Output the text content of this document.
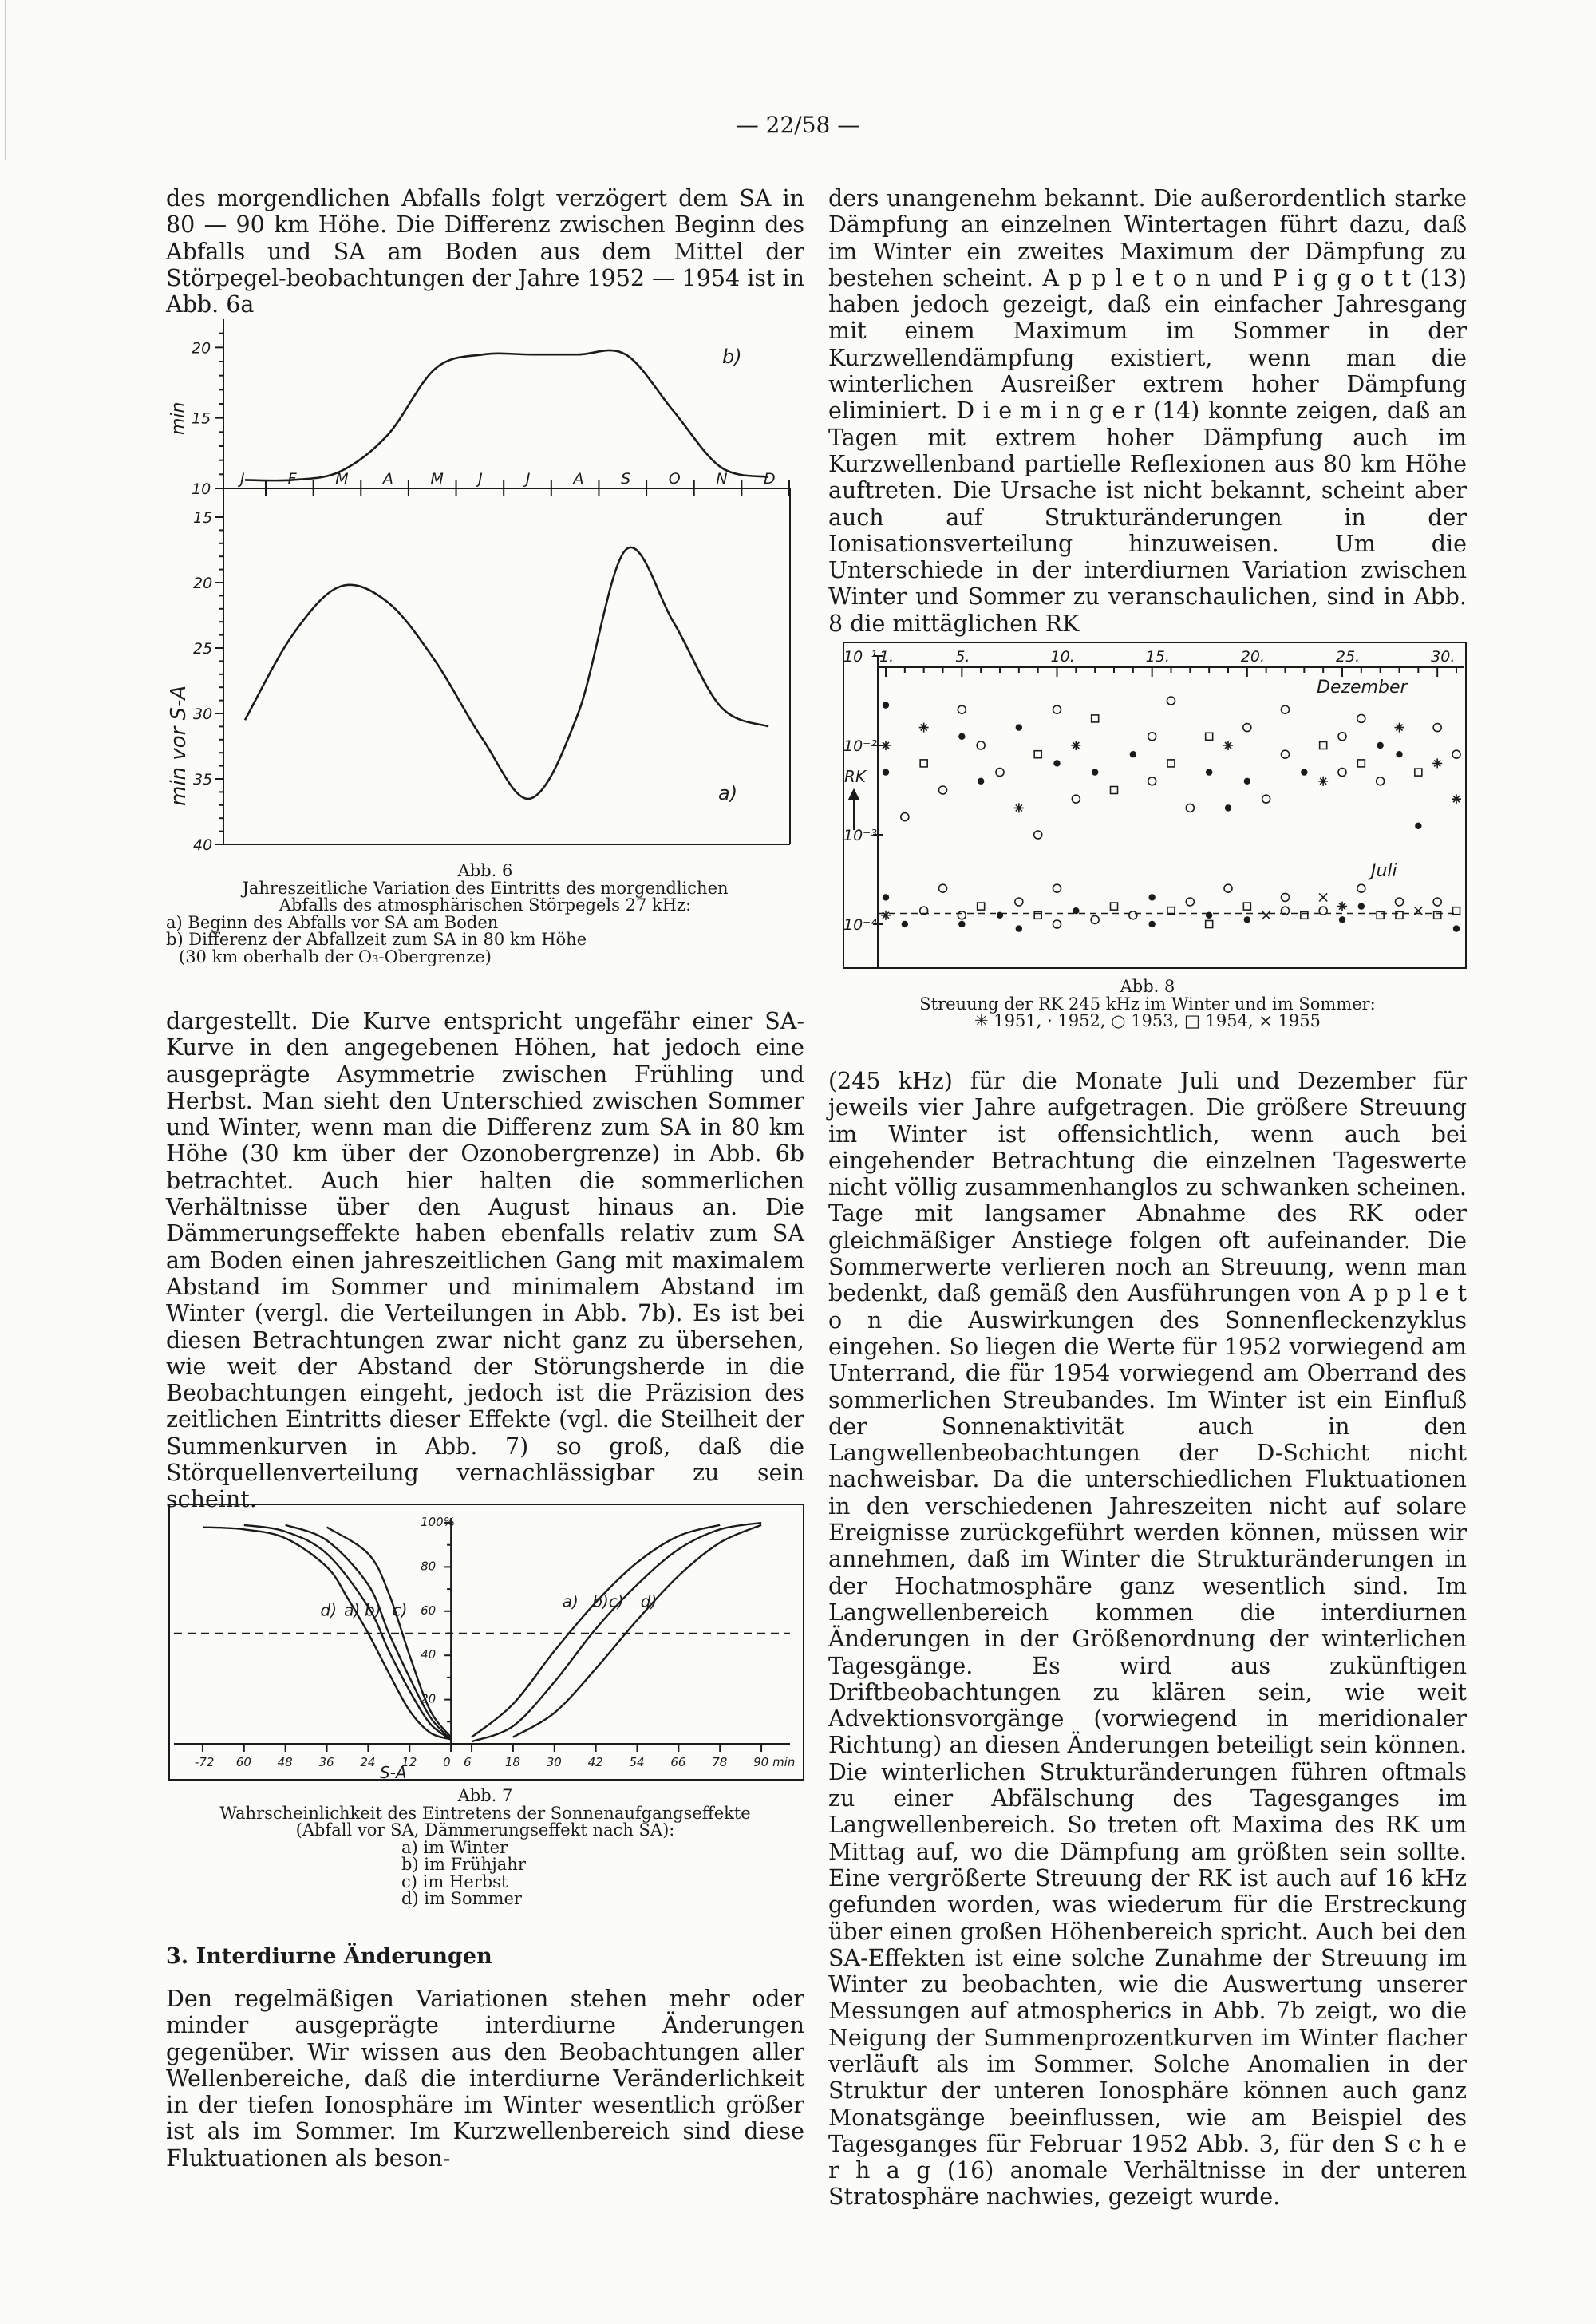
— 22/58 —

des morgendlichen Abfalls folgt verzögert dem SA in 80 — 90 km Höhe. Die Differenz zwischen Beginn des Abfalls und SA am Boden aus dem Mittel der Störpegel-beobachtungen der Jahre 1952 — 1954 ist in Abb. 6a

10
15
20
15
20
25
30
35
40
J	F	M A M J	J	A S	O N D
b)
a)
min
min vor S-A
Abb. 6
Jahreszeitliche Variation des Eintritts des morgendlichen
Abfalls des atmosphärischen Störpegels 27 kHz:
a) Beginn des Abfalls vor SA am Boden
b) Differenz der Abfallzeit zum SA in 80 km Höhe
(30 km oberhalb der O₃-Obergrenze)

dargestellt. Die Kurve entspricht ungefähr einer SA-Kurve in den angegebenen Höhen, hat jedoch eine ausgeprägte Asymmetrie zwischen Frühling und Herbst. Man sieht den Unterschied zwischen Sommer und Winter, wenn man die Differenz zum SA in 80 km Höhe (30 km über der Ozonobergrenze) in Abb. 6b betrachtet. Auch hier halten die sommerlichen Verhältnisse über den August hinaus an. Die Dämmerungseffekte haben ebenfalls relativ zum SA am Boden einen jahreszeitlichen Gang mit maximalem Abstand im Sommer und minimalem Abstand im Winter (vergl. die Verteilungen in Abb. 7b). Es ist bei diesen Betrachtungen zwar nicht ganz zu übersehen, wie weit der Abstand der Störungsherde in die Beobachtungen eingeht, jedoch ist die Präzision des zeitlichen Eintritts dieser Effekte (vgl. die Steilheit der Summenkurven in Abb. 7) so groß, daß die Störquellenverteilung vernachlässigbar zu sein scheint.

-72 60 48 36 24 12 0 6	18 30 42 54 66 78 90 min
20
40
60
80
100%
d) a) b) c)	a) b)c) d)
S-A
Abb. 7
Wahrscheinlichkeit des Eintretens der Sonnenaufgangseffekte
(Abfall vor SA, Dämmerungseffekt nach SA):
a) im Winter
b) im Frühjahr
c) im Herbst
d) im Sommer
3. Interdiurne Änderungen

Den regelmäßigen Variationen stehen mehr oder minder ausgeprägte interdiurne Änderungen gegenüber. Wir wissen aus den Beobachtungen aller Wellenbereiche, daß die interdiurne Veränderlichkeit in der tiefen Ionosphäre im Winter wesentlich größer ist als im Sommer. Im Kurzwellenbereich sind diese Fluktuationen als beson-

ders unangenehm bekannt. Die außerordentlich starke Dämpfung an einzelnen Wintertagen führt dazu, daß im Winter ein zweites Maximum der Dämpfung zu bestehen scheint. A p p l e t o n und P i g g o t t (13) haben jedoch gezeigt, daß ein einfacher Jahresgang mit einem Maximum im Sommer in der Kurzwellendämpfung existiert, wenn man die winterlichen Ausreißer extrem hoher Dämpfung eliminiert. D i e m i n g e r (14) konnte zeigen, daß an Tagen mit extrem hoher Dämpfung auch im Kurzwellenband partielle Reflexionen aus 80 km Höhe auftreten. Die Ursache ist nicht bekannt, scheint aber auch auf Strukturänderungen in der Ionisationsverteilung hinzuweisen. Um die Unterschiede in der interdiurnen Variation zwischen Winter und Sommer zu veranschaulichen, sind in Abb. 8 die mittäglichen RK

1.	5.	10.	15.	20.	25.	30.
10⁻¹
10⁻²
10⁻³
10⁻⁴
Dezember
Juli
RK
Abb. 8
Streuung der RK 245 kHz im Winter und im Sommer:
✳ 1951, · 1952, ○ 1953, □ 1954, × 1955

(245 kHz) für die Monate Juli und Dezember für jeweils vier Jahre aufgetragen. Die größere Streuung im Winter ist offensichtlich, wenn auch bei eingehender Betrachtung die einzelnen Tageswerte nicht völlig zusammenhanglos zu schwanken scheinen. Tage mit langsamer Abnahme des RK oder gleichmäßiger Anstiege folgen oft aufeinander. Die Sommerwerte verlieren noch an Streuung, wenn man bedenkt, daß gemäß den Ausführungen von A p p l e t o n die Auswirkungen des Sonnenfleckenzyklus eingehen. So liegen die Werte für 1952 vorwiegend am Unterrand, die für 1954 vorwiegend am Oberrand des sommerlichen Streubandes. Im Winter ist ein Einfluß der Sonnenaktivität auch in den Langwellenbeobachtungen der D-Schicht nicht nachweisbar. Da die unterschiedlichen Fluktuationen in den verschiedenen Jahreszeiten nicht auf solare Ereignisse zurückgeführt werden können, müssen wir annehmen, daß im Winter die Strukturänderungen in der Hochatmosphäre ganz wesentlich sind. Im Langwellenbereich kommen die interdiurnen Änderungen in der Größenordnung der winterlichen Tagesgänge. Es wird aus zukünftigen Driftbeobachtungen zu klären sein, wie weit Advektionsvorgänge (vorwiegend in meridionaler Richtung) an diesen Änderungen beteiligt sein können. Die winterlichen Strukturänderungen führen oftmals zu einer Abfälschung des Tagesganges im Langwellenbereich. So treten oft Maxima des RK um Mittag auf, wo die Dämpfung am größten sein sollte. Eine vergrößerte Streuung der RK ist auch auf 16 kHz gefunden worden, was wiederum für die Erstreckung über einen großen Höhenbereich spricht. Auch bei den SA-Effekten ist eine solche Zunahme der Streuung im Winter zu beobachten, wie die Auswertung unserer Messungen auf atmospherics in Abb. 7b zeigt, wo die Neigung der Summenprozentkurven im Winter flacher verläuft als im Sommer. Solche Anomalien in der Struktur der unteren Ionosphäre können auch ganz Monatsgänge beeinflussen, wie am Beispiel des Tagesganges für Februar 1952 Abb. 3, für den S c h e r h a g (16) anomale Verhältnisse in der unteren Stratosphäre nachwies, gezeigt wurde.
